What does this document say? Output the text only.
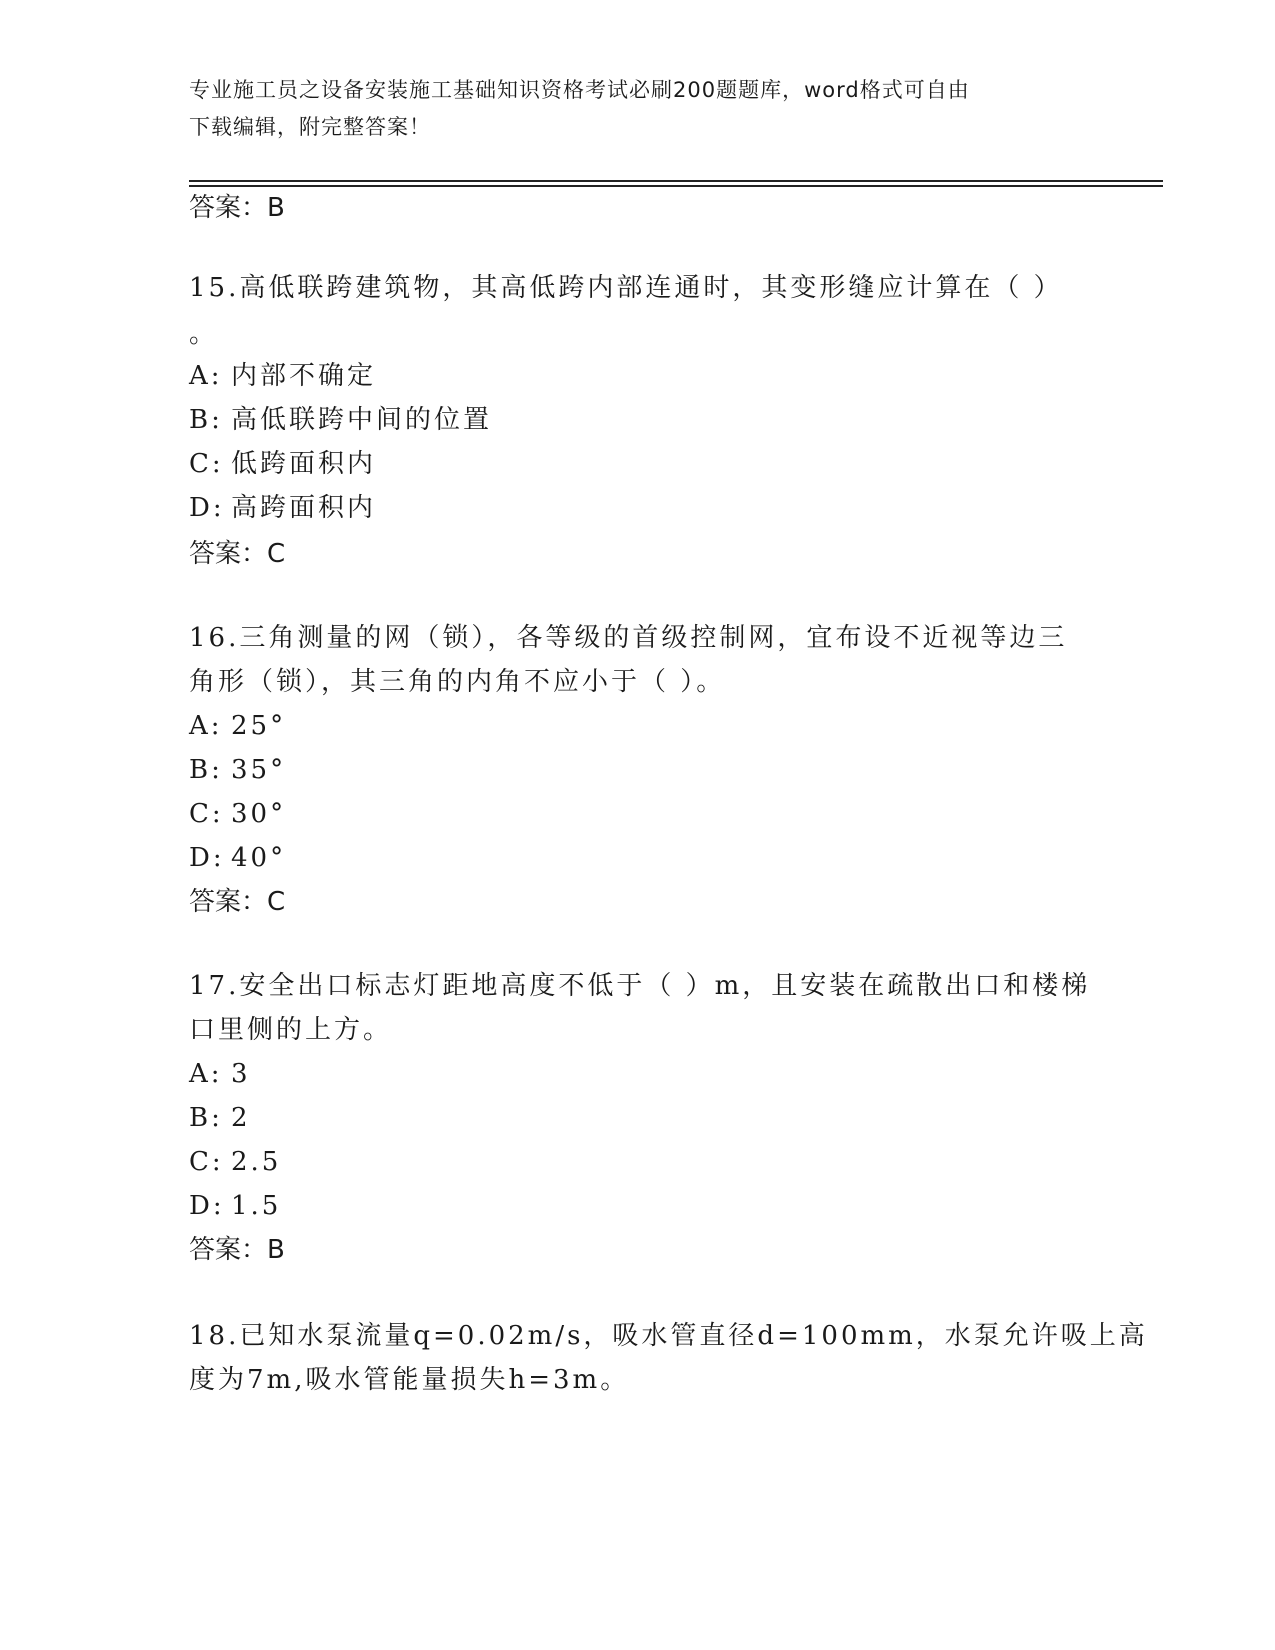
专业施工员之设备安装施工基础知识资格考试必刷200题题库，word格式可自由
下载编辑，附完整答案！
答案：B
15.高低联跨建筑物，其高低跨内部连通时，其变形缝应计算在（ ）
。
A: 内部不确定
B: 高低联跨中间的位置
C: 低跨面积内
D: 高跨面积内
答案：C
16.三角测量的网（锁），各等级的首级控制网，宜布设不近视等边三
角形（锁），其三角的内角不应小于（ ）。
A: 25°
B: 35°
C: 30°
D: 40°
答案：C
17.安全出口标志灯距地高度不低于（ ）m，且安装在疏散出口和楼梯
口里侧的上方。
A: 3
B: 2
C: 2.5
D: 1.5
答案：B
18.已知水泵流量q=0.02m/s，吸水管直径d=100mm，水泵允许吸上高
度为7m,吸水管能量损失h=3m。
